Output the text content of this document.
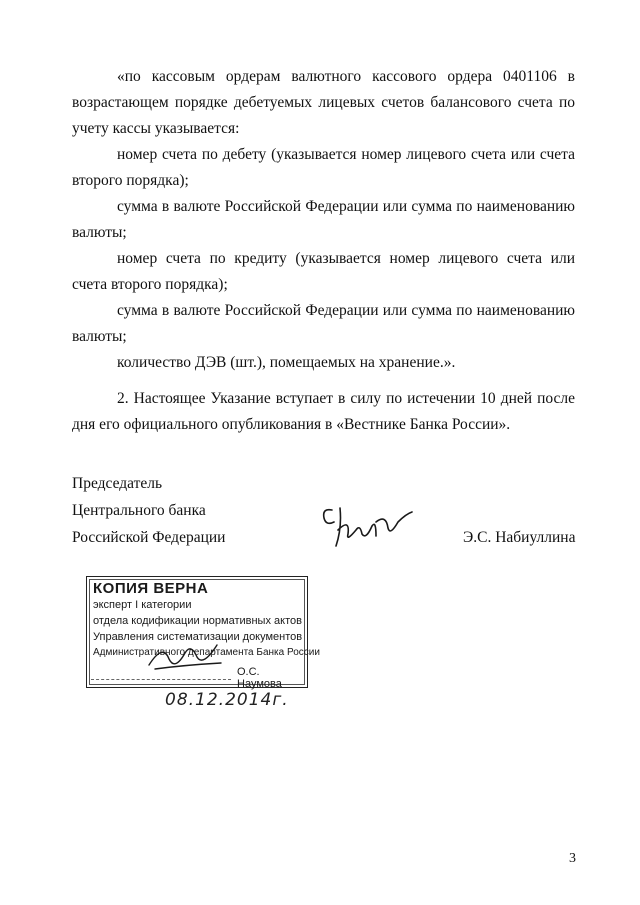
«по кассовым ордерам валютного кассового ордера 0401106 в возрастающем порядке дебетуемых лицевых счетов балансового счета по учету кассы указывается:

номер счета по дебету (указывается номер лицевого счета или счета второго порядка);

сумма в валюте Российской Федерации или сумма по наименованию валюты;

номер счета по кредиту (указывается номер лицевого счета или счета второго порядка);

сумма в валюте Российской Федерации или сумма по наименованию валюты;

количество ДЭВ (шт.), помещаемых на хранение.».

2. Настоящее Указание вступает в силу по истечении 10 дней после дня его официального опубликования в «Вестнике Банка России».

Председатель

Центрального банка

Российской Федерации	Э.С. Набиуллина

КОПИЯ ВЕРНА
эксперт I категории
отдела кодификации нормативных актов
Управления систематизации документов
Административного департамента Банка России
О.С. Наумова
08.12.2014г.
3
